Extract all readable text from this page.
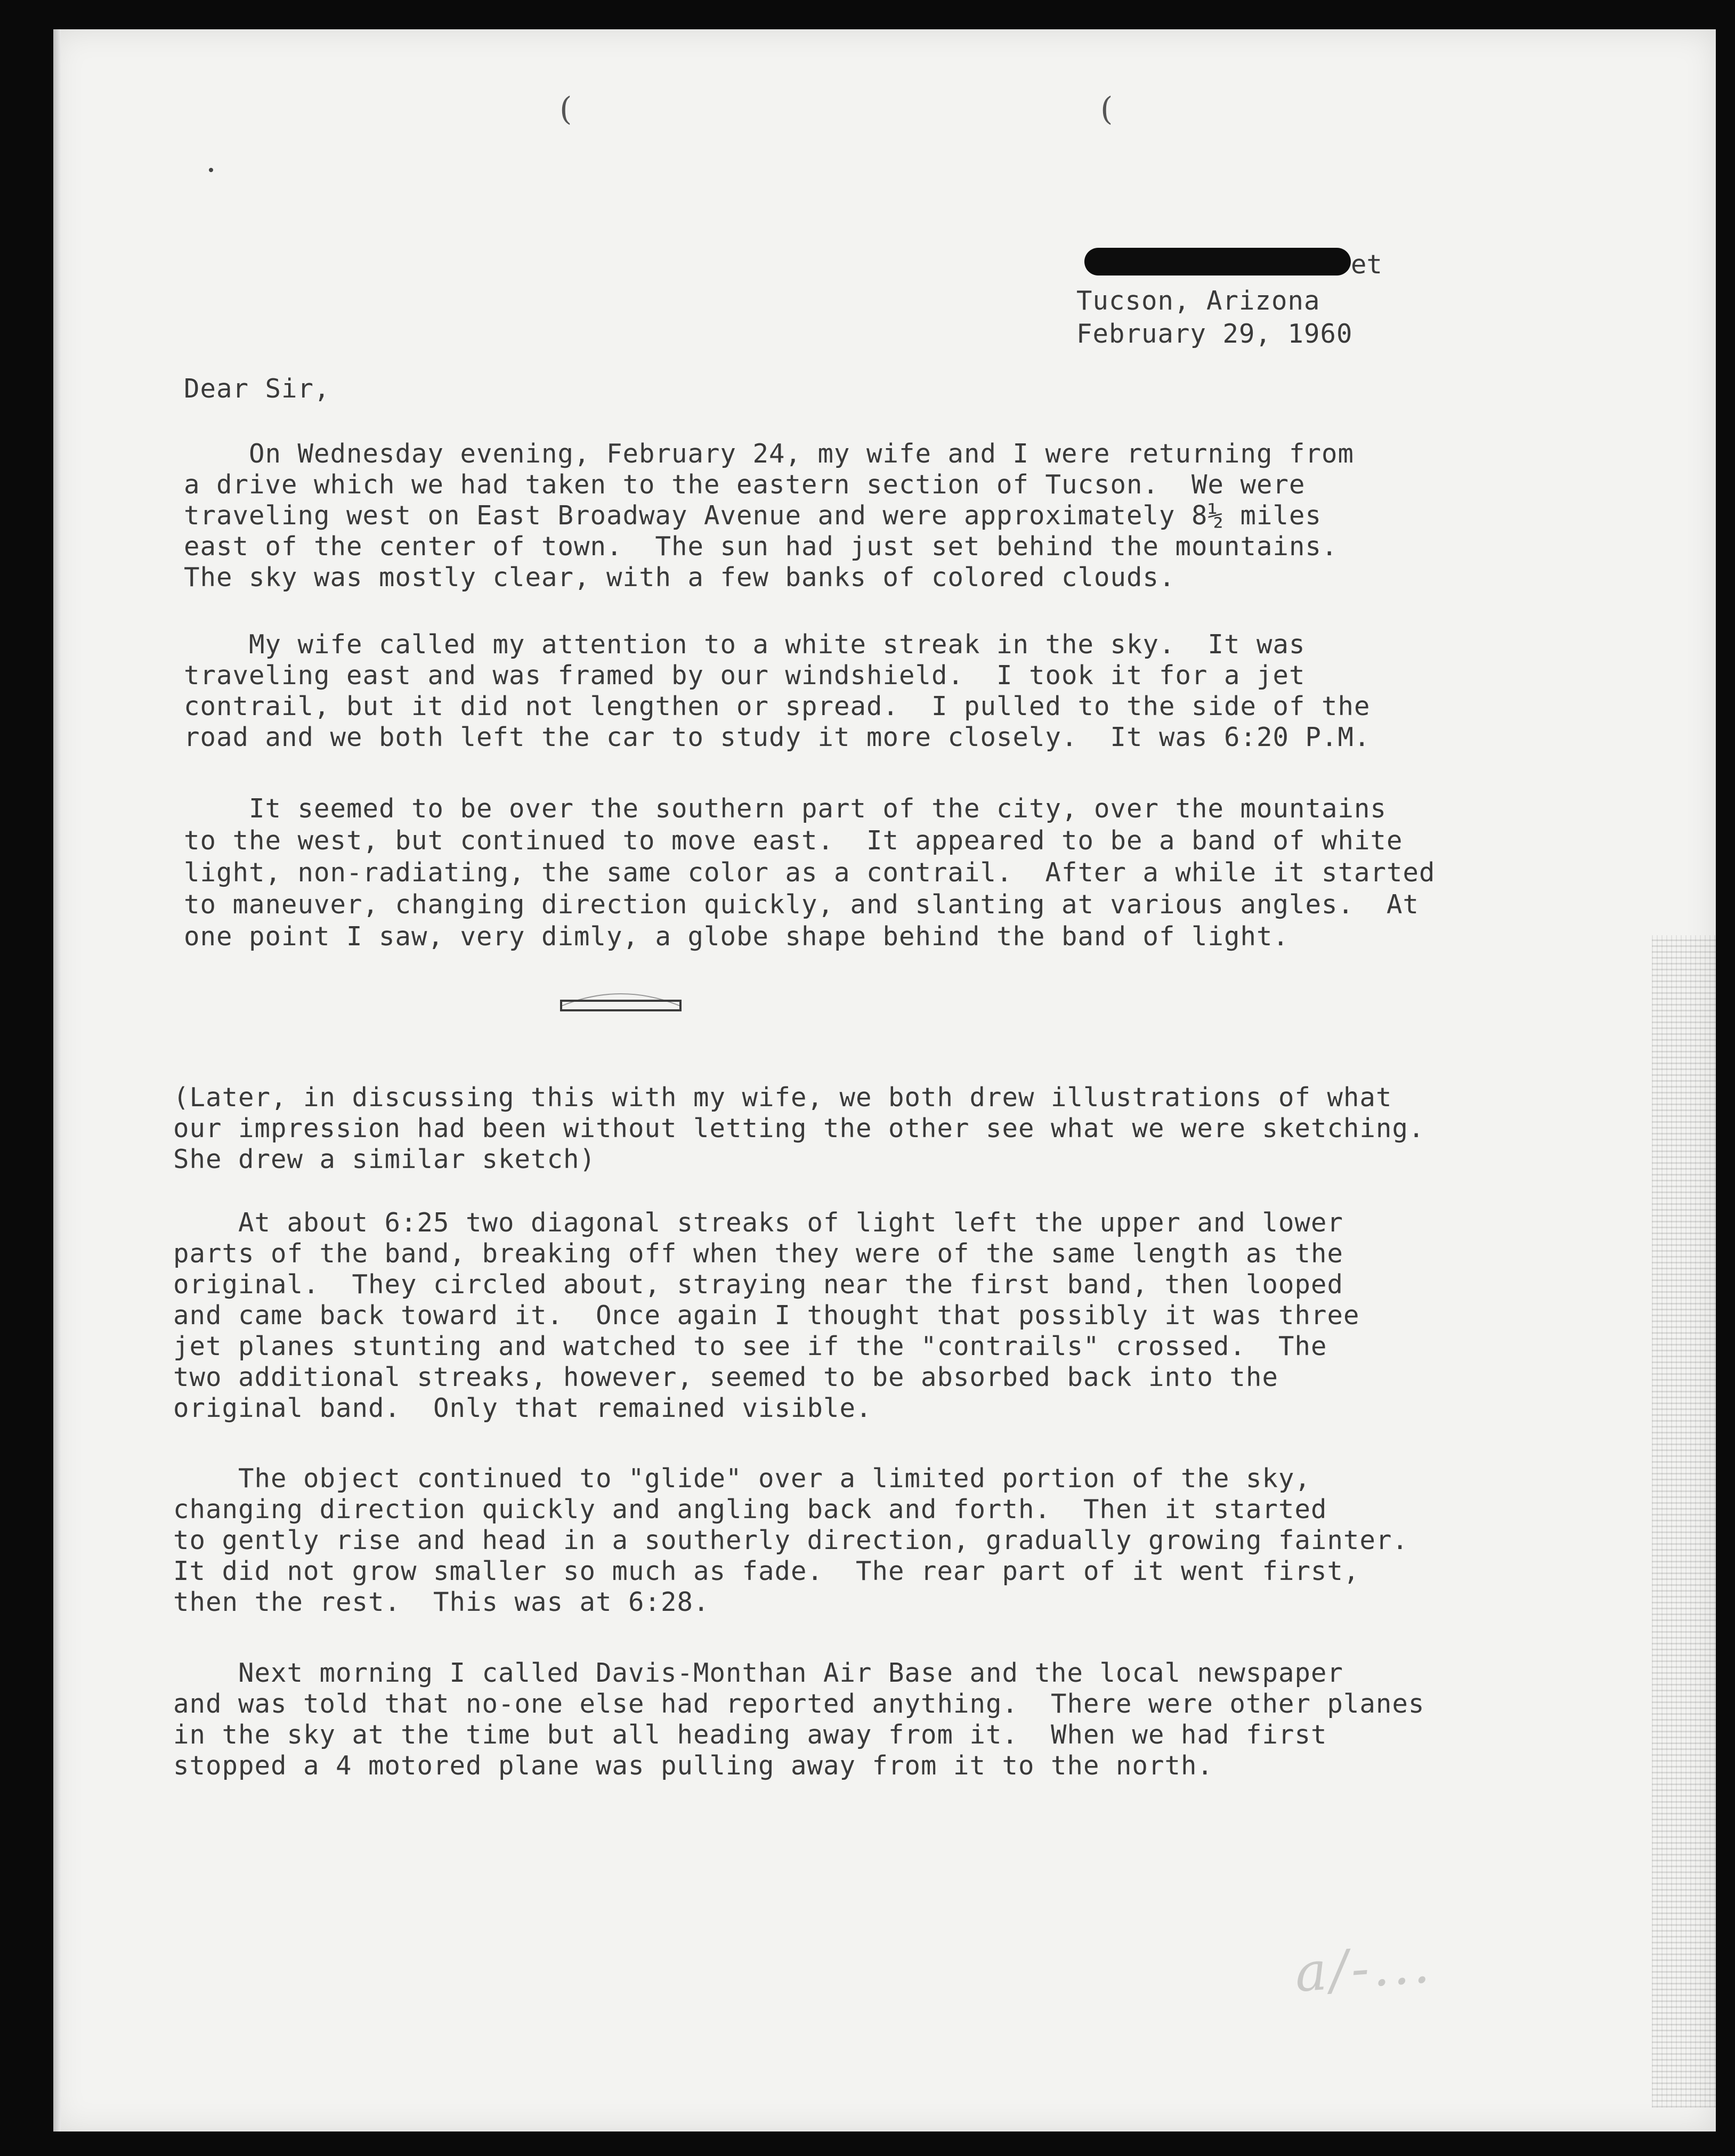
(	(
et
Tucson, Arizona
February 29, 1960
Dear Sir,
On Wednesday evening, February 24, my wife and I were returning from
a drive which we had taken to the eastern section of Tucson.  We were
traveling west on East Broadway Avenue and were approximately 8½ miles
east of the center of town.  The sun had just set behind the mountains.
The sky was mostly clear, with a few banks of colored clouds.
My wife called my attention to a white streak in the sky.  It was
traveling east and was framed by our windshield.  I took it for a jet
contrail, but it did not lengthen or spread.  I pulled to the side of the
road and we both left the car to study it more closely.  It was 6:20 P.M.
It seemed to be over the southern part of the city, over the mountains
to the west, but continued to move east.  It appeared to be a band of white
light, non-radiating, the same color as a contrail.  After a while it started
to maneuver, changing direction quickly, and slanting at various angles.  At
one point I saw, very dimly, a globe shape behind the band of light.
(Later, in discussing this with my wife, we both drew illustrations of what
our impression had been without letting the other see what we were sketching.
She drew a similar sketch)
At about 6:25 two diagonal streaks of light left the upper and lower
parts of the band, breaking off when they were of the same length as the
original.  They circled about, straying near the first band, then looped
and came back toward it.  Once again I thought that possibly it was three
jet planes stunting and watched to see if the "contrails" crossed.  The
two additional streaks, however, seemed to be absorbed back into the
original band.  Only that remained visible.
The object continued to "glide" over a limited portion of the sky,
changing direction quickly and angling back and forth.  Then it started
to gently rise and head in a southerly direction, gradually growing fainter.
It did not grow smaller so much as fade.  The rear part of it went first,
then the rest.  This was at 6:28.
Next morning I called Davis-Monthan Air Base and the local newspaper
and was told that no-one else had reported anything.  There were other planes
in the sky at the time but all heading away from it.  When we had first
stopped a 4 motored plane was pulling away from it to the north.
a/-...
